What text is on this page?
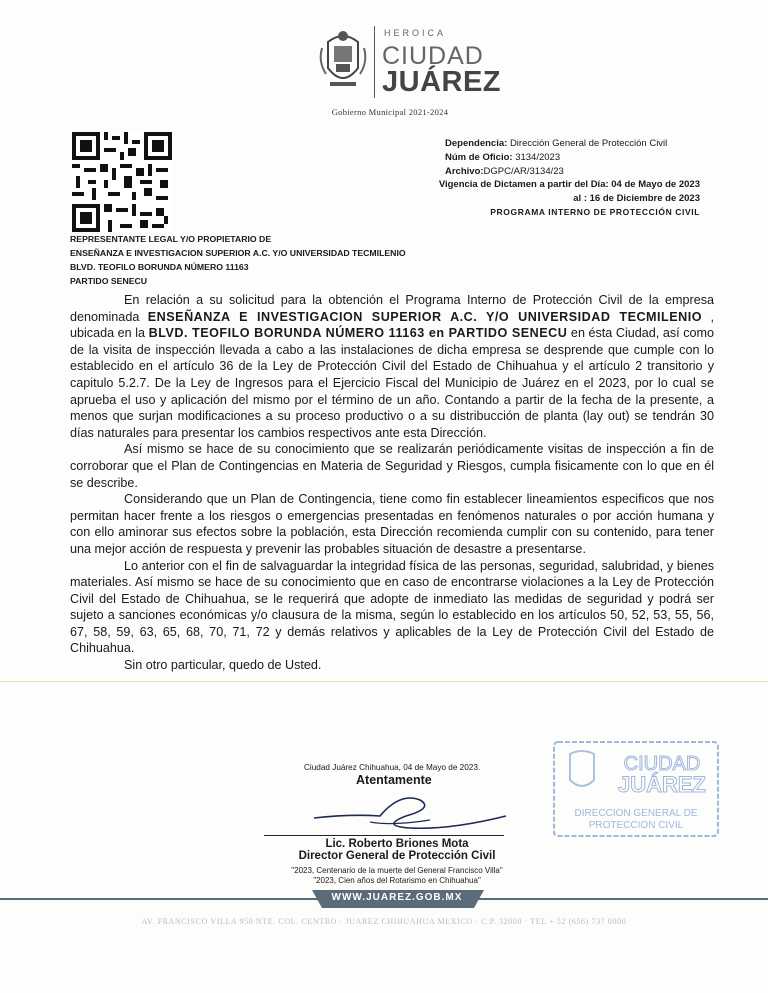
HEROICA
CIUDAD
JUÁREZ
Gobierno Municipal 2021-2024
Dependencia: Dirección General de Protección Civil
Núm de Oficio: 3134/2023
Archivo:DGPC/AR/3134/23
Vigencia de Dictamen a partir del Día: 04 de Mayo de 2023
al : 16 de Diciembre de 2023
PROGRAMA INTERNO DE PROTECCIÓN CIVIL
REPRESENTANTE LEGAL Y/O PROPIETARIO DE
ENSEÑANZA E INVESTIGACION SUPERIOR A.C. Y/O UNIVERSIDAD TECMILENIO
BLVD. TEOFILO BORUNDA NÚMERO 11163
PARTIDO SENECU

En relación a su solicitud para la obtención el Programa Interno de Protección Civil de la empresa denominada ENSEÑANZA E INVESTIGACION SUPERIOR A.C. Y/O UNIVERSIDAD TECMILENIO , ubicada en la BLVD. TEOFILO BORUNDA NÚMERO 11163 en PARTIDO SENECU en ésta Ciudad, así como de la visita de inspección llevada a cabo a las instalaciones de dicha empresa se desprende que cumple con lo establecido en el artículo 36 de la Ley de Protección Civil del Estado de Chihuahua y el artículo 2 transitorio y capitulo 5.2.7. De la Ley de Ingresos para el Ejercicio Fiscal del Municipio de Juárez en el 2023, por lo cual se aprueba el uso y aplicación del mismo por el término de un año. Contando a partir de la fecha de la presente, a menos que surjan modificaciones a su proceso productivo o a su distribucción de planta (lay out) se tendrán 30 días naturales para presentar los cambios respectivos ante esta Dirección.

Así mismo se hace de su conocimiento que se realizarán periódicamente visitas de inspección a fin de corroborar que el Plan de Contingencias en Materia de Seguridad y Riesgos, cumpla fisicamente con lo que en él se describe.

Considerando que un Plan de Contingencia, tiene como fin establecer lineamientos especificos que nos permitan hacer frente a los riesgos o emergencias presentadas en fenómenos naturales o por acción humana y con ello aminorar sus efectos sobre la población, esta Dirección recomienda cumplir con su contenido, para tener una mejor acción de respuesta y prevenir las probables situación de desastre a presentarse.

Lo anterior con el fin de salvaguardar la integridad física de las personas, seguridad, salubridad, y bienes materiales. Así mismo se hace de su conocimiento que en caso de encontrarse violaciones a la Ley de Protección Civil del Estado de Chihuahua, se le requerirá que adopte de inmediato las medidas de seguridad y podrá ser sujeto a sanciones económicas y/o clausura de la misma, según lo establecido en los artículos 50, 52, 53, 55, 56, 67, 58, 59, 63, 65, 68, 70, 71, 72 y demás relativos y aplicables de la Ley de Protección Civil del Estado de Chihuahua.

Sin otro particular, quedo de Usted.

CIUDAD
JUÁREZ
DIRECCION GENERAL DE
PROTECCION CIVIL
Ciudad Juárez Chihuahua, 04 de Mayo de 2023.
Atentamente
Lic. Roberto Briones Mota
Director General de Protección Civil
"2023, Centenario de la muerte del General Francisco Villa"
"2023, Cien años del Rotarismo en Chihuahua"
WWW.JUAREZ.GOB.MX
AV. FRANCISCO VILLA 950 NTE. COL. CENTRO · JUAREZ CHIHUAHUA MEXICO · C.P. 32000 · TEL + 52 (656) 737 0000
